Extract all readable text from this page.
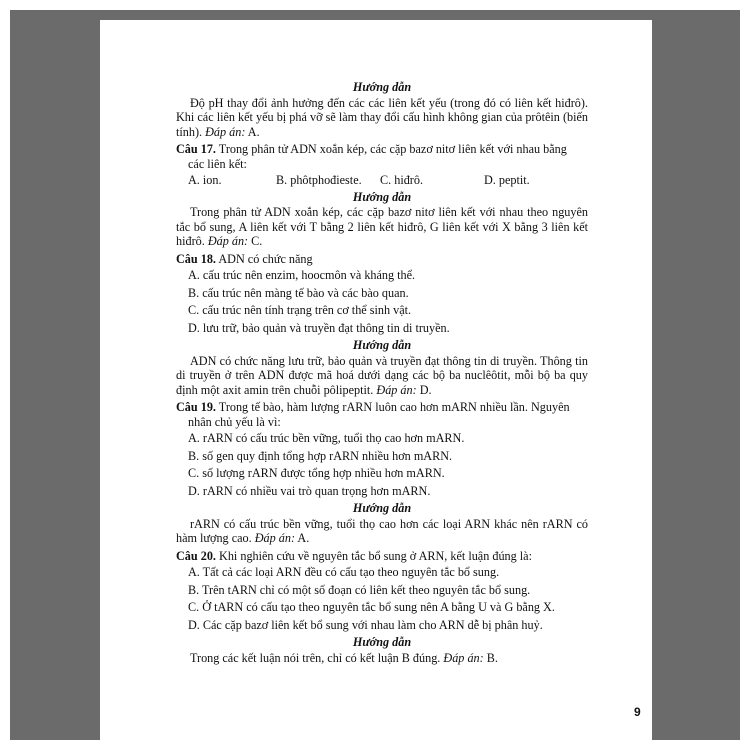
Hướng dẫn

Độ pH thay đổi ảnh hưởng đến các các liên kết yếu (trong đó có liên kết hiđrô). Khi các liên kết yếu bị phá vỡ sẽ làm thay đổi cấu hình không gian của prôtêin (biến tính). Đáp án: A.

Câu 17. Trong phân tử ADN xoắn kép, các cặp bazơ nitơ liên kết với nhau bằng
các liên kết:
A. ion.	B. phôtphođieste.	C. hiđrô.	D. peptit.
Hướng dẫn

Trong phân tử ADN xoắn kép, các cặp bazơ nitơ liên kết với nhau theo nguyên tắc bổ sung, A liên kết với T bằng 2 liên kết hiđrô, G liên kết với X bằng 3 liên kết hiđrô. Đáp án: C.

Câu 18. ADN có chức năng
A. cấu trúc nên enzim, hoocmôn và kháng thể.
B. cấu trúc nên màng tế bào và các bào quan.
C. cấu trúc nên tính trạng trên cơ thể sinh vật.
D. lưu trữ, bảo quản và truyền đạt thông tin di truyền.
Hướng dẫn

ADN có chức năng lưu trữ, bảo quản và truyền đạt thông tin di truyền. Thông tin di truyền ở trên ADN được mã hoá dưới dạng các bộ ba nuclêôtit, mỗi bộ ba quy định một axit amin trên chuỗi pôlipeptit. Đáp án: D.

Câu 19. Trong tế bào, hàm lượng rARN luôn cao hơn mARN nhiều lần. Nguyên
nhân chủ yếu là vì:
A. rARN có cấu trúc bền vững, tuổi thọ cao hơn mARN.
B. số gen quy định tổng hợp rARN nhiều hơn mARN.
C. số lượng rARN được tổng hợp nhiều hơn mARN.
D. rARN có nhiều vai trò quan trọng hơn mARN.
Hướng dẫn

rARN có cấu trúc bền vững, tuổi thọ cao hơn các loại ARN khác nên rARN có hàm lượng cao. Đáp án: A.

Câu 20. Khi nghiên cứu về nguyên tắc bổ sung ở ARN, kết luận đúng là:
A. Tất cả các loại ARN đều có cấu tạo theo nguyên tắc bổ sung.
B. Trên tARN chỉ có một số đoạn có liên kết theo nguyên tắc bổ sung.
C. Ở tARN có cấu tạo theo nguyên tắc bổ sung nên A bằng U và G bằng X.
D. Các cặp bazơ liên kết bổ sung với nhau làm cho ARN dễ bị phân huỷ.
Hướng dẫn

Trong các kết luận nói trên, chỉ có kết luận B đúng. Đáp án: B.

9
